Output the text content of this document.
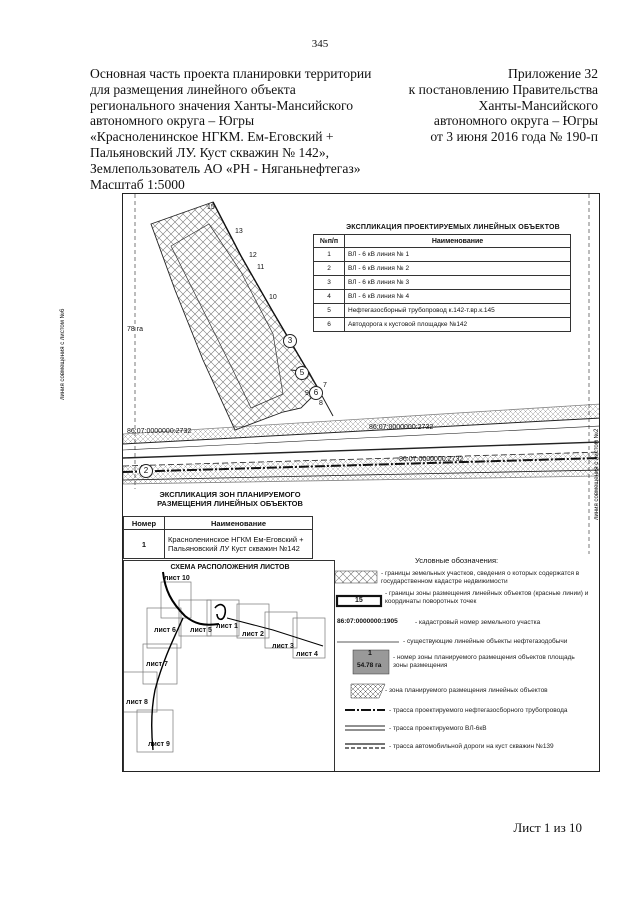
345
Основная часть проекта планировки территории
для размещения линейного объекта
регионального значения Ханты-Мансийского
автономного округа – Югры
«Красноленинское НГКМ. Ем-Еговский +
Пальяновский ЛУ. Куст скважин № 142»,
Землепользователь АО «РН - Няганьнефтегаз»
Масштаб 1:5000
Приложение 32
к постановлению Правительства
Ханты-Мансийского
автономного округа – Югры
от 3 июня 2016 года № 190-п
15
13
12
11
10
9
8
7
78 га
3
5
6
2
86:07:0000000:2732
86:07:0000000:2732
86:07:0000000:2732
ЭКСПЛИКАЦИЯ ПРОЕКТИРУЕМЫХ ЛИНЕЙНЫХ ОБЪЕКТОВ
№п/п	Наименование
1	ВЛ - 6 кВ линия № 1
2	ВЛ - 6 кВ линия № 2
3	ВЛ - 6 кВ линия № 3
4	ВЛ - 6 кВ линия № 4
5	Нефтегазосборный трубопровод к.142-т.вр.к.145
6	Автодорога к кустовой площадке №142
ЭКСПЛИКАЦИЯ ЗОН ПЛАНИРУЕМОГО
РАЗМЕЩЕНИЯ ЛИНЕЙНЫХ ОБЪЕКТОВ
Номер	Наименование
1	Красноленинское НГКМ Ем-Еговский + Пальяновский ЛУ Куст скважин №142
СХЕМА РАСПОЛОЖЕНИЯ ЛИСТОВ
лист 10
лист 6 лист 5
лист 1
лист 2
лист 3
лист 4
лист 7
лист 8
лист 9
Условные обозначения:
- границы земельных участков, сведения о которых содержатся в государственном кадастре недвижимости
- границы зоны размещения линейных объектов (красные линии) и координаты поворотных точек
15
86:07:0000000:1905	- кадастровый номер земельного участка
- существующие линейные объекты нефтегазодобычи
1
54.78 га
- номер зоны планируемого размещения объектов площадь зоны размещения
- зона планируемого размещения линейных объектов
- трасса проектируемого нефтегазосборного трубопровода
- трасса проектируемого ВЛ-6кВ
- трасса автомобильной дороги на куст скважин №139
линия совмещения с листом №6
линия совмещения с листом №2
Лист 1 из 10
